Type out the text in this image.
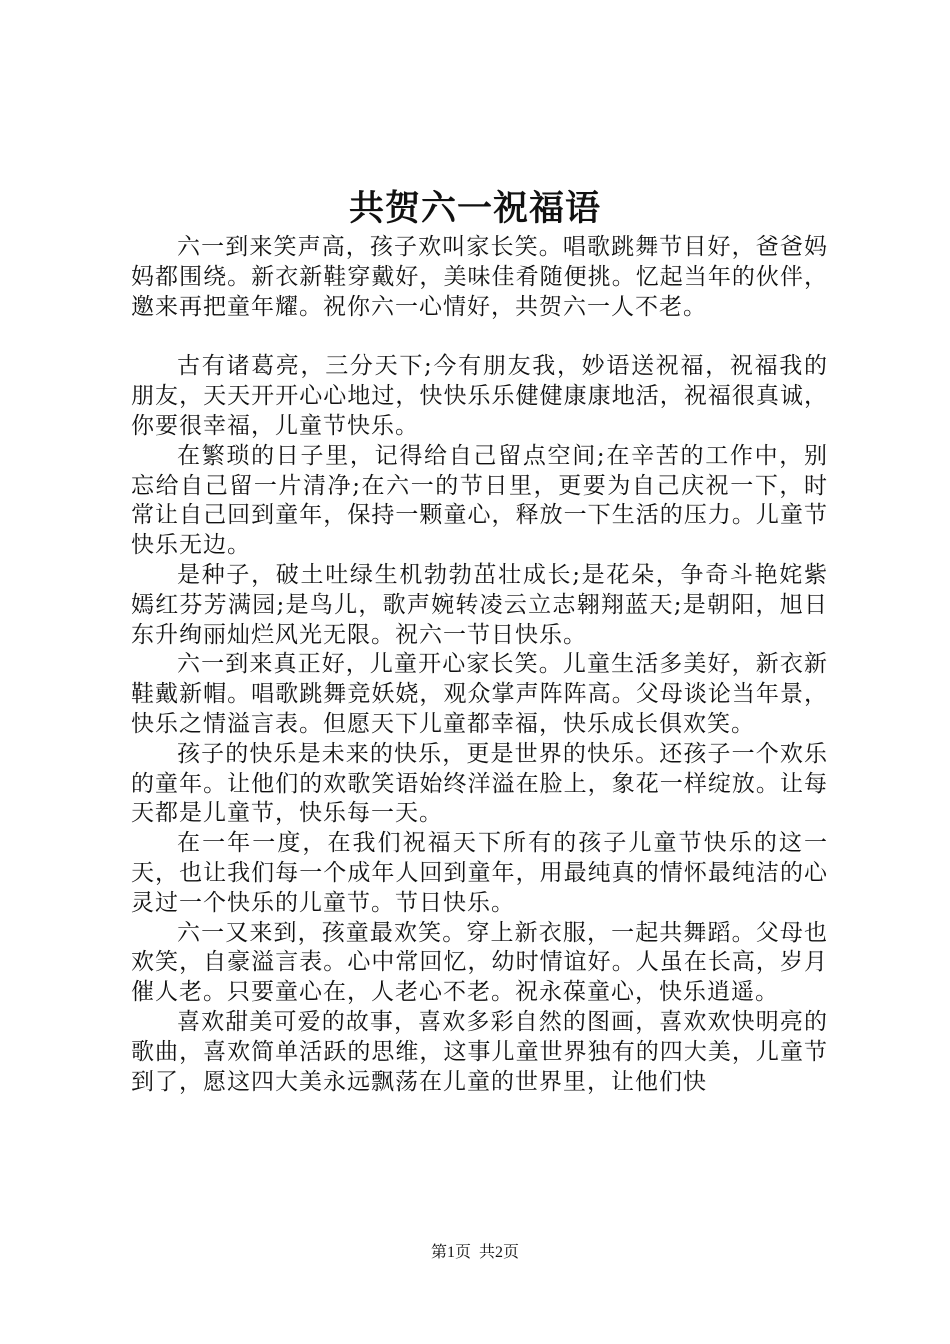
共贺六一祝福语

六一到来笑声高，孩子欢叫家长笑。唱歌跳舞节目好，爸爸妈妈都围绕。新衣新鞋穿戴好，美味佳肴随便挑。忆起当年的伙伴，邀来再把童年耀。祝你六一心情好，共贺六一人不老。

古有诸葛亮，三分天下;今有朋友我，妙语送祝福，祝福我的朋友，天天开开心心地过，快快乐乐健健康康地活，祝福很真诚，你要很幸福，儿童节快乐。

在繁琐的日子里，记得给自己留点空间;在辛苦的工作中，别忘给自己留一片清净;在六一的节日里，更要为自己庆祝一下，时常让自己回到童年，保持一颗童心，释放一下生活的压力。儿童节快乐无边。

是种子，破土吐绿生机勃勃茁壮成长;是花朵，争奇斗艳姹紫嫣红芬芳满园;是鸟儿，歌声婉转凌云立志翱翔蓝天;是朝阳，旭日东升绚丽灿烂风光无限。祝六一节日快乐。

六一到来真正好，儿童开心家长笑。儿童生活多美好，新衣新鞋戴新帽。唱歌跳舞竞妖娆，观众掌声阵阵高。父母谈论当年景，快乐之情溢言表。但愿天下儿童都幸福，快乐成长俱欢笑。

孩子的快乐是未来的快乐，更是世界的快乐。还孩子一个欢乐的童年。让他们的欢歌笑语始终洋溢在脸上，象花一样绽放。让每天都是儿童节，快乐每一天。

在一年一度，在我们祝福天下所有的孩子儿童节快乐的这一天，也让我们每一个成年人回到童年，用最纯真的情怀最纯洁的心灵过一个快乐的儿童节。节日快乐。

六一又来到，孩童最欢笑。穿上新衣服，一起共舞蹈。父母也欢笑，自豪溢言表。心中常回忆，幼时情谊好。人虽在长高，岁月催人老。只要童心在，人老心不老。祝永葆童心，快乐逍遥。

喜欢甜美可爱的故事，喜欢多彩自然的图画，喜欢欢快明亮的歌曲，喜欢简单活跃的思维，这事儿童世界独有的四大美，儿童节到了，愿这四大美永远飘荡在儿童的世界里，让他们快

第1页 共2页
